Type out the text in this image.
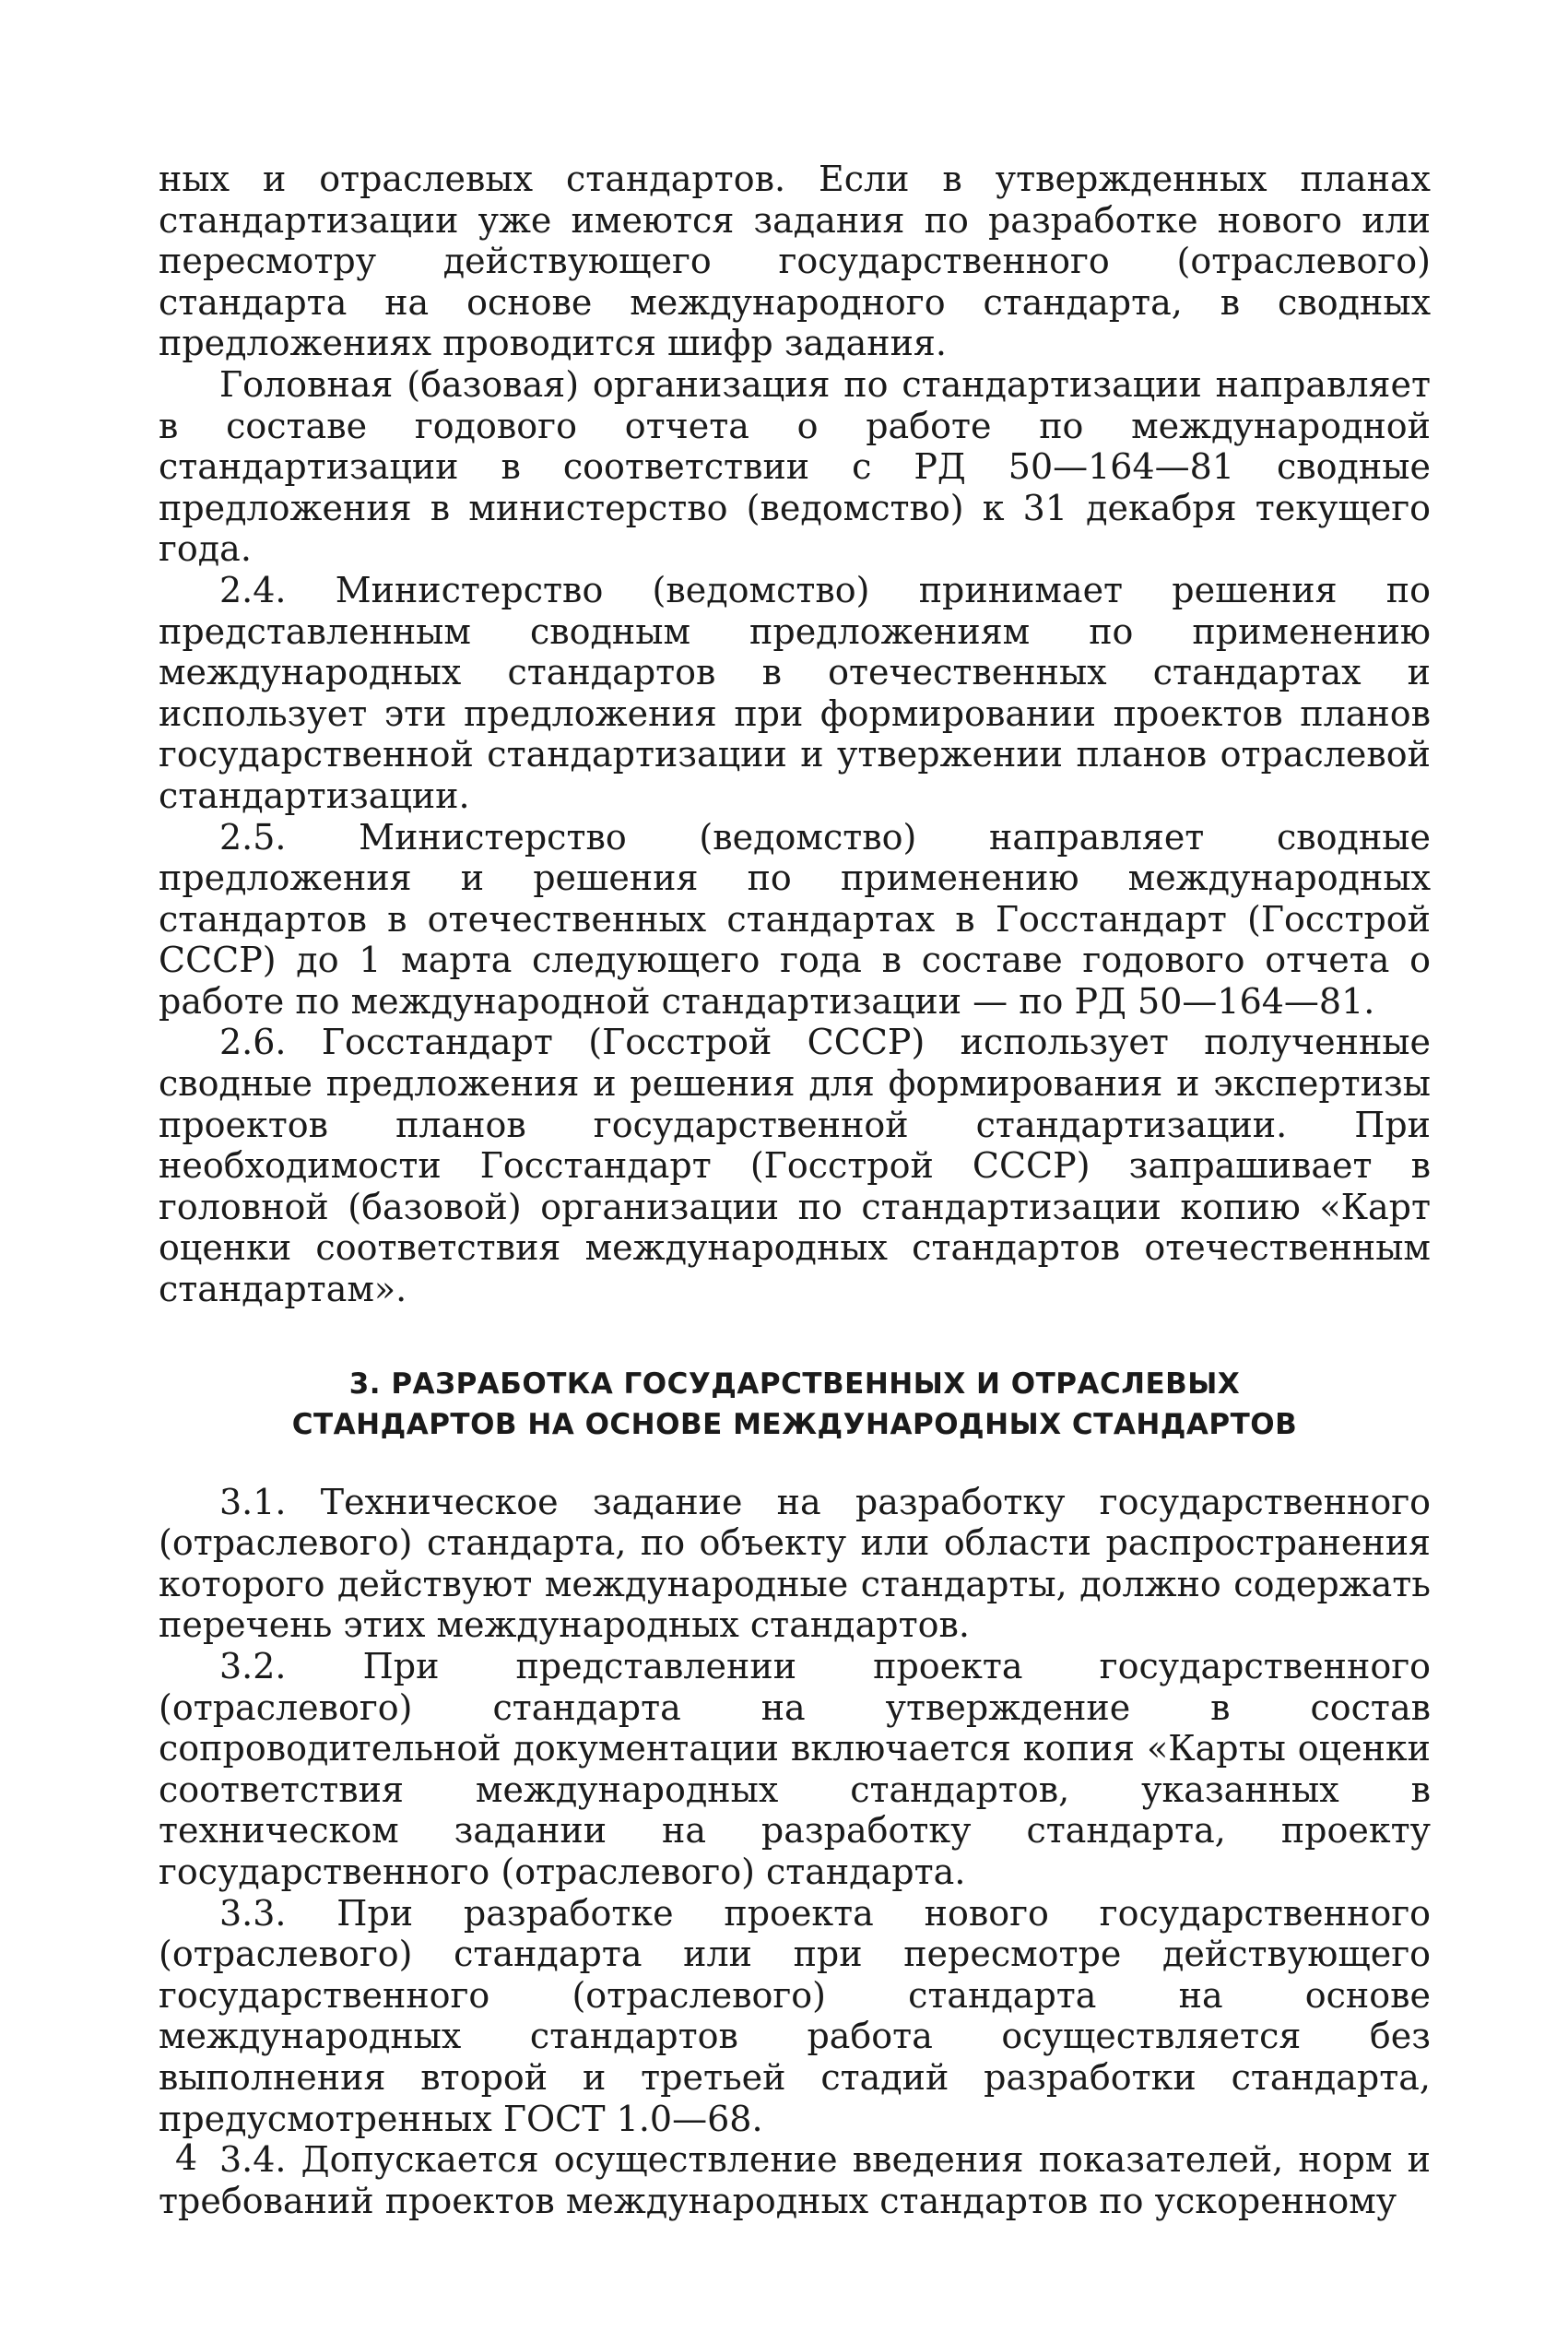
ных и отраслевых стандартов. Если в утвержденных планах стандартизации уже имеются задания по разработке нового или пересмотру действующего государственного (отраслевого) стандарта на основе международного стандарта, в сводных предложениях проводится шифр задания.

Головная (базовая) организация по стандартизации направляет в составе годового отчета о работе по международной стандартизации в соответствии с РД 50—164—81 сводные предложения в министерство (ведомство) к 31 декабря текущего года.

2.4. Министерство (ведомство) принимает решения по представленным сводным предложениям по применению международных стандартов в отечественных стандартах и использует эти предложения при формировании проектов планов государственной стандартизации и утвержении планов отраслевой стандартизации.

2.5. Министерство (ведомство) направляет сводные предложения и решения по применению международных стандартов в отечественных стандартах в Госстандарт (Госстрой СССР) до 1 марта следующего года в составе годового отчета о работе по международной стандартизации — по РД 50—164—81.

2.6. Госстандарт (Госстрой СССР) использует полученные сводные предложения и решения для формирования и экспертизы проектов планов государственной стандартизации. При необходимости Госстандарт (Госстрой СССР) запрашивает в головной (базовой) организации по стандартизации копию «Карт оценки соответствия международных стандартов отечественным стандартам».

3. РАЗРАБОТКА ГОСУДАРСТВЕННЫХ И ОТРАСЛЕВЫХ
СТАНДАРТОВ НА ОСНОВЕ МЕЖДУНАРОДНЫХ СТАНДАРТОВ

3.1. Техническое задание на разработку государственного (отраслевого) стандарта, по объекту или области распространения которого действуют международные стандарты, должно содержать перечень этих международных стандартов.

3.2. При представлении проекта государственного (отраслевого) стандарта на утверждение в состав сопроводительной документации включается копия «Карты оценки соответствия международных стандартов, указанных в техническом задании на разработку стандарта, проекту государственного (отраслевого) стандарта.

3.3. При разработке проекта нового государственного (отраслевого) стандарта или при пересмотре действующего государственного (отраслевого) стандарта на основе международных стандартов работа осуществляется без выполнения второй и третьей стадий разработки стандарта, предусмотренных ГОСТ 1.0—68.

3.4. Допускается осуществление введения показателей, норм и требований проектов международных стандартов по ускоренному

4
